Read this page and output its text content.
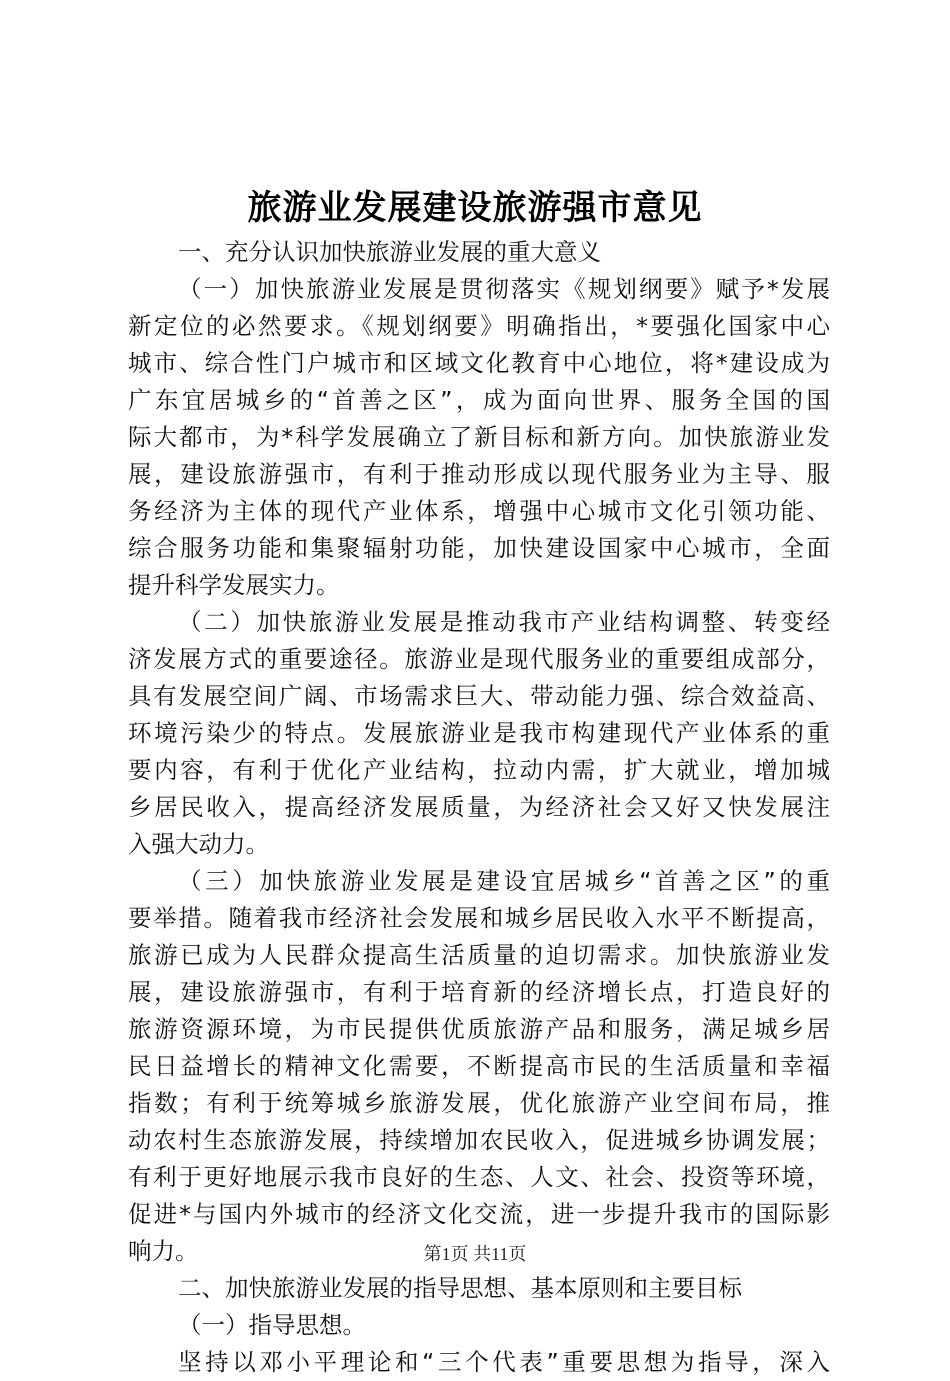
旅游业发展建设旅游强市意见
一、充分认识加快旅游业发展的重大意义
（一）加快旅游业发展是贯彻落实《规划纲要》赋予*发展
新定位的必然要求。《规划纲要》明确指出，*要强化国家中心
城市、综合性门户城市和区域文化教育中心地位，将*建设成为
广东宜居城乡的“首善之区”，成为面向世界、服务全国的国
际大都市，为*科学发展确立了新目标和新方向。加快旅游业发
展，建设旅游强市，有利于推动形成以现代服务业为主导、服
务经济为主体的现代产业体系，增强中心城市文化引领功能、
综合服务功能和集聚辐射功能，加快建设国家中心城市，全面
提升科学发展实力。
（二）加快旅游业发展是推动我市产业结构调整、转变经
济发展方式的重要途径。旅游业是现代服务业的重要组成部分，
具有发展空间广阔、市场需求巨大、带动能力强、综合效益高、
环境污染少的特点。发展旅游业是我市构建现代产业体系的重
要内容，有利于优化产业结构，拉动内需，扩大就业，增加城
乡居民收入，提高经济发展质量，为经济社会又好又快发展注
入强大动力。
（三）加快旅游业发展是建设宜居城乡“首善之区”的重
要举措。随着我市经济社会发展和城乡居民收入水平不断提高，
旅游已成为人民群众提高生活质量的迫切需求。加快旅游业发
展，建设旅游强市，有利于培育新的经济增长点，打造良好的
旅游资源环境，为市民提供优质旅游产品和服务，满足城乡居
民日益增长的精神文化需要，不断提高市民的生活质量和幸福
指数；有利于统筹城乡旅游发展，优化旅游产业空间布局，推
动农村生态旅游发展，持续增加农民收入，促进城乡协调发展；
有利于更好地展示我市良好的生态、人文、社会、投资等环境，
促进*与国内外城市的经济文化交流，进一步提升我市的国际影
响力。
二、加快旅游业发展的指导思想、基本原则和主要目标
（一）指导思想。
坚持以邓小平理论和“三个代表”重要思想为指导，深入
第1页 共11页
